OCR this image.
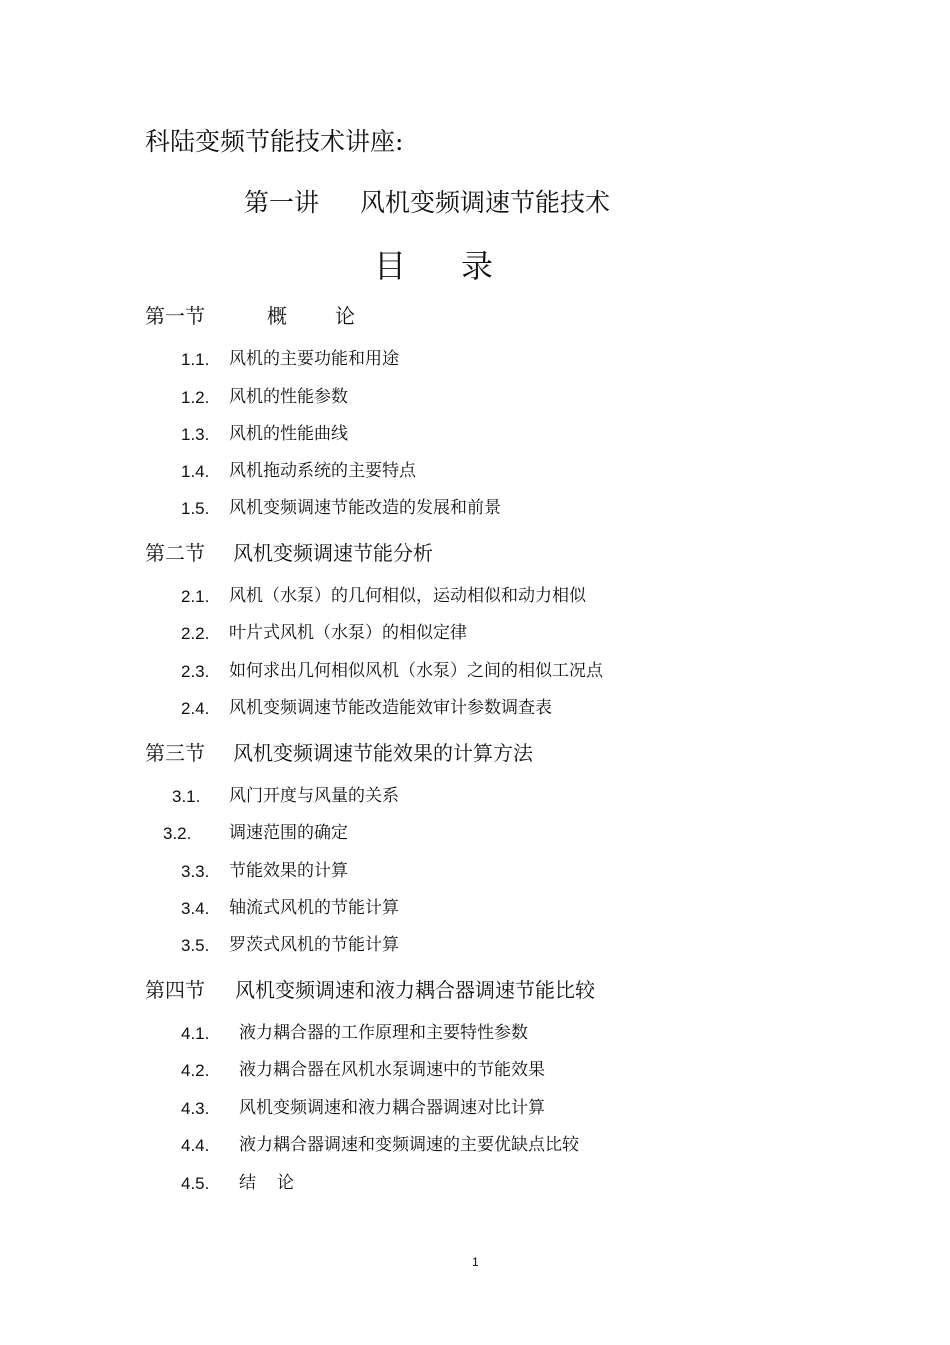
科陆变频节能技术讲座:
第一讲 风机变频调速节能技术
目 录
第一节	概 论
1.1. 风机的主要功能和用途
1.2. 风机的性能参数
1.3. 风机的性能曲线
1.4. 风机拖动系统的主要特点
1.5. 风机变频调速节能改造的发展和前景
第二节 风机变频调速节能分析
2.1. 风机（水泵）的几何相似，运动相似和动力相似
2.2. 叶片式风机（水泵）的相似定律
2.3. 如何求出几何相似风机（水泵）之间的相似工况点
2.4. 风机变频调速节能改造能效审计参数调查表
第三节 风机变频调速节能效果的计算方法
3.1. 风门开度与风量的关系
3.2. 调速范围的确定
3.3. 节能效果的计算
3.4. 轴流式风机的节能计算
3.5. 罗茨式风机的节能计算
第四节 风机变频调速和液力耦合器调速节能比较
4.1. 液力耦合器的工作原理和主要特性参数
4.2. 液力耦合器在风机水泵调速中的节能效果
4.3. 风机变频调速和液力耦合器调速对比计算
4.4. 液力耦合器调速和变频调速的主要优缺点比较
4.5. 结 论
1
